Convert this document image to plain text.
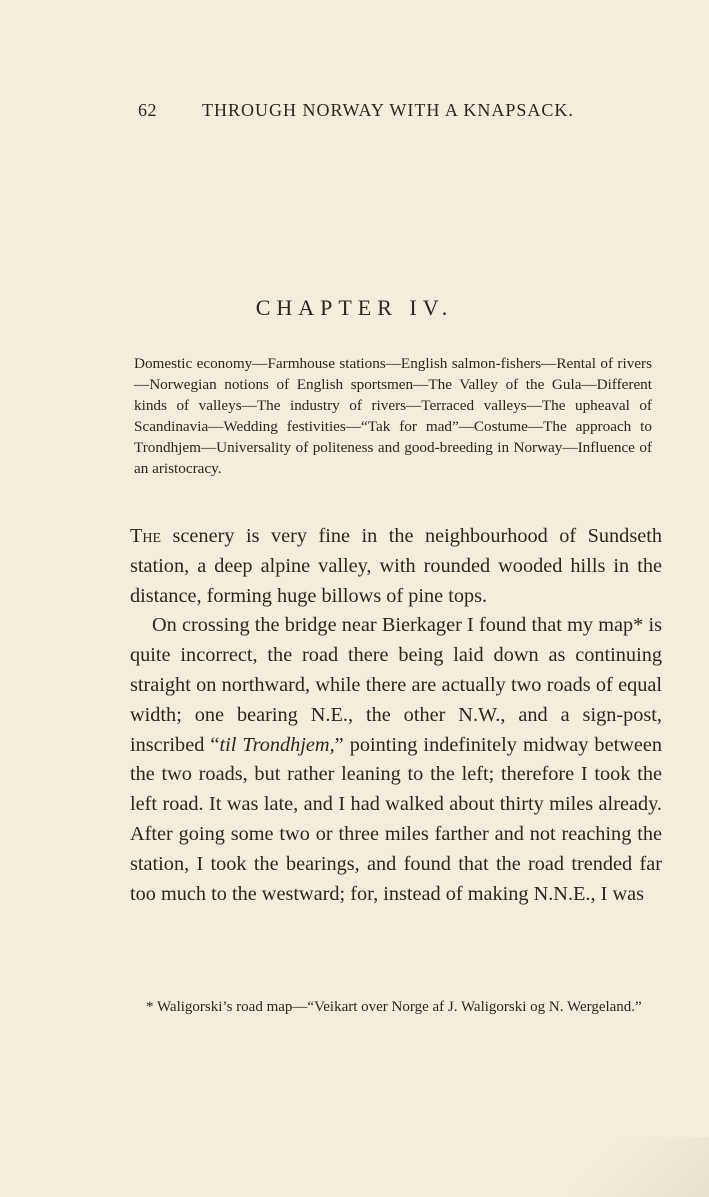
62	THROUGH NORWAY WITH A KNAPSACK.
CHAPTER IV.
Domestic economy—Farmhouse stations—English salmon-fishers—Rental of rivers—Norwegian notions of English sportsmen—The Valley of the Gula—Different kinds of valleys—The industry of rivers—Terraced valleys—The upheaval of Scandinavia—Wedding festivities—“Tak for mad”—Costume—The approach to Trondhjem—Universality of politeness and good-breeding in Norway—Influence of an aristocracy.

The scenery is very fine in the neighbourhood of Sundseth station, a deep alpine valley, with rounded wooded hills in the distance, forming huge billows of pine tops.

On crossing the bridge near Bierkager I found that my map* is quite incorrect, the road there being laid down as continuing straight on northward, while there are actually two roads of equal width; one bearing N.E., the other N.W., and a sign-post, inscribed “til Trondhjem,” pointing indefinitely midway between the two roads, but rather leaning to the left; therefore I took the left road. It was late, and I had walked about thirty miles already. After going some two or three miles farther and not reaching the station, I took the bearings, and found that the road trended far too much to the westward; for, instead of making N.N.E., I was

* Waligorski’s road map—“Veikart over Norge af J. Waligorski og N. Wergeland.”
